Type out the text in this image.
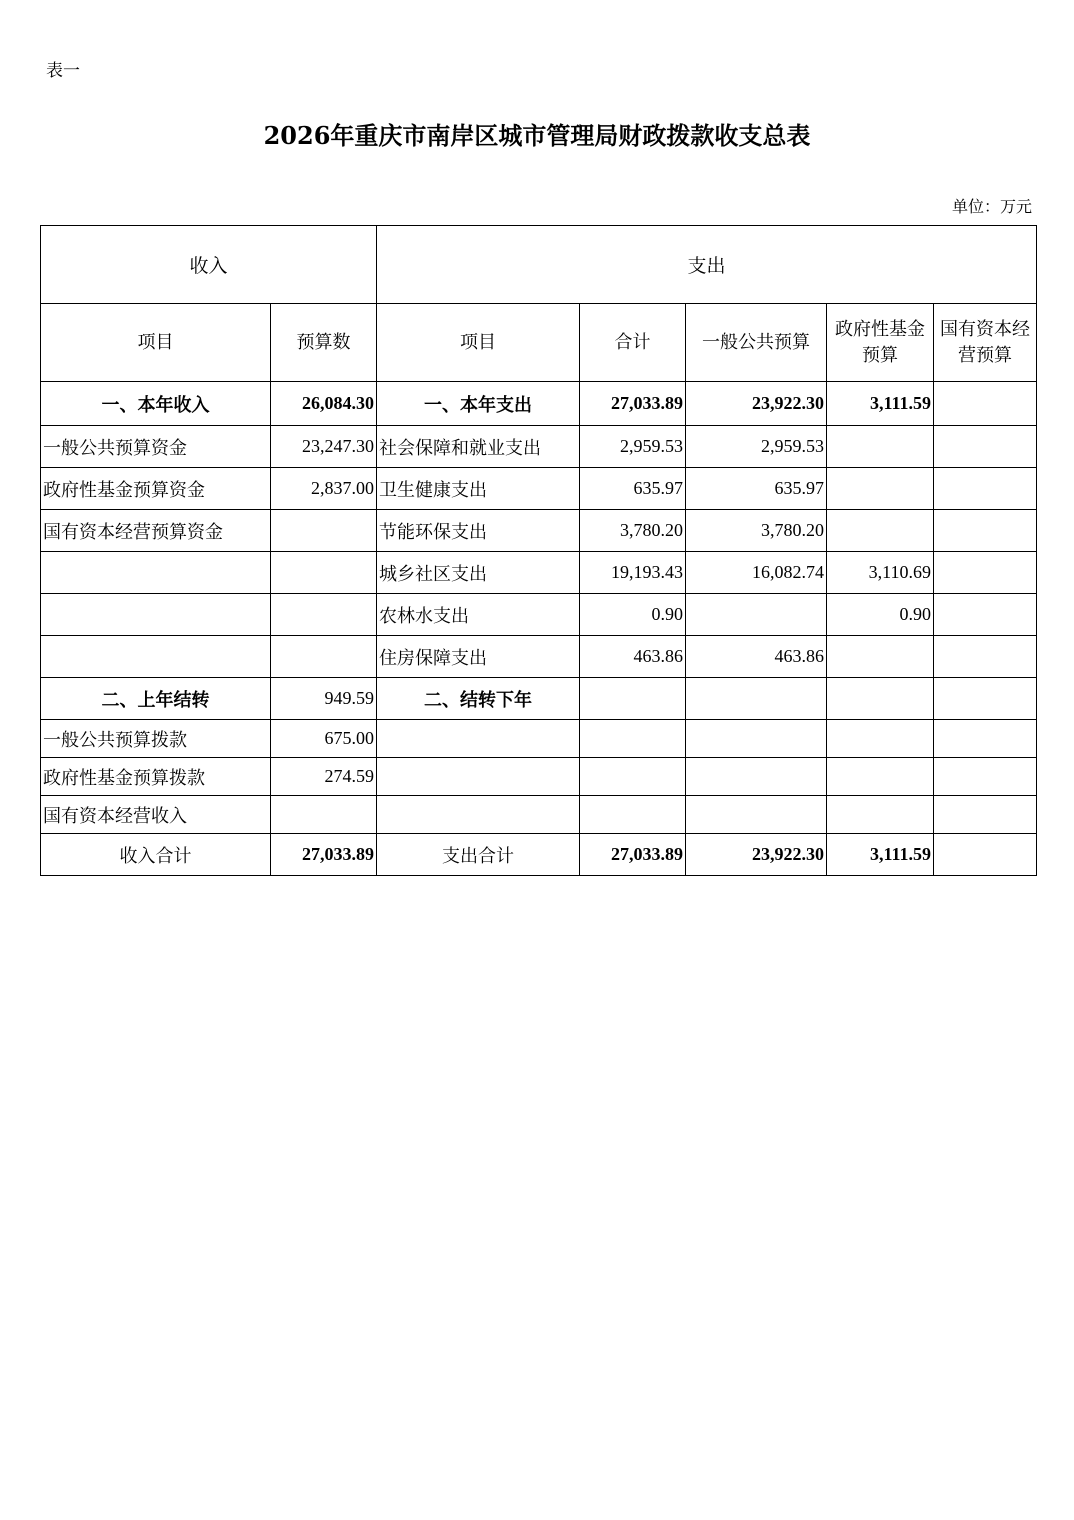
表一
2026年重庆市南岸区城市管理局财政拨款收支总表
单位：万元
收入		支出				
项目	预算数	项目	合计	一般公共预算	政府性基金预算	国有资本经营预算
一、本年收入	26,084.30	一、本年支出	27,033.89	23,922.30	3,111.59	
一般公共预算资金	23,247.30	社会保障和就业支出	2,959.53	2,959.53		
政府性基金预算资金	2,837.00	卫生健康支出	635.97	635.97		
国有资本经营预算资金		节能环保支出	3,780.20	3,780.20		
		城乡社区支出	19,193.43	16,082.74	3,110.69	
		农林水支出	0.90		0.90	
		住房保障支出	463.86	463.86		
二、上年结转	949.59	二、结转下年				
一般公共预算拨款	675.00					
政府性基金预算拨款	274.59					
国有资本经营收入						
收入合计	27,033.89	支出合计	27,033.89	23,922.30	3,111.59	
